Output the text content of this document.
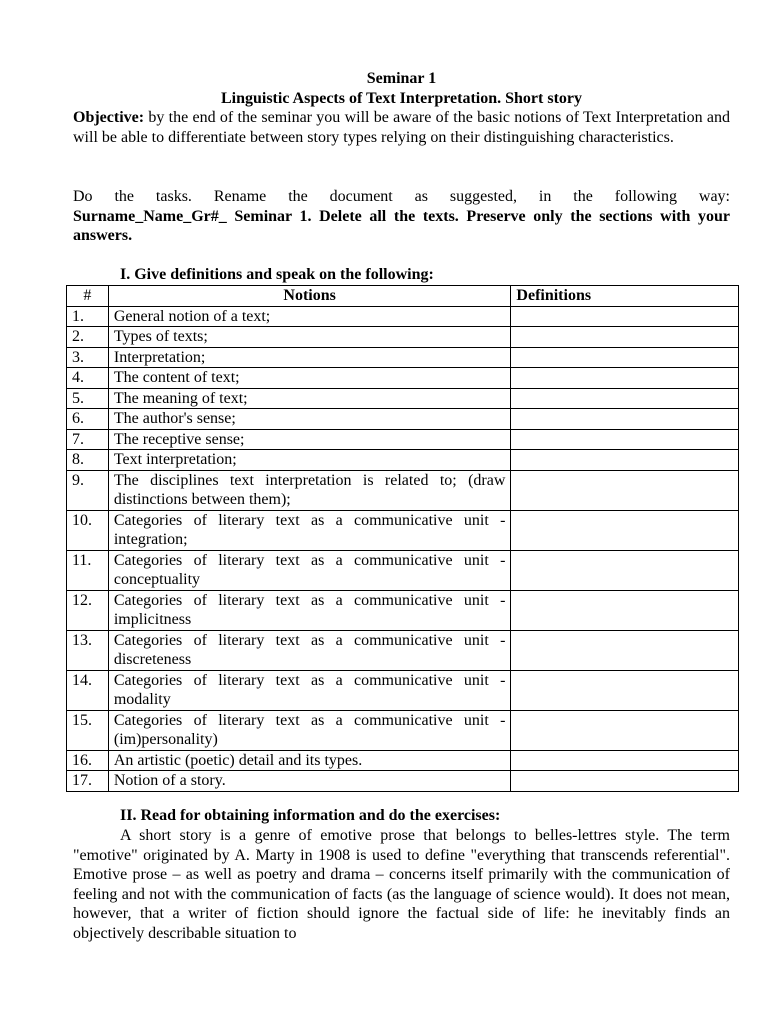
Seminar 1
Linguistic Aspects of Text Interpretation. Short story
Objective: by the end of the seminar you will be aware of the basic notions of Text Interpretation and will be able to differentiate between story types relying on their distinguishing characteristics.
Do the tasks. Rename the document as suggested, in the following way:
Surname_Name_Gr#_ Seminar 1. Delete all the texts. Preserve only the sections with your answers.
I. Give definitions and speak on the following:
#	Notions	Definitions
1.	General notion of a text;	
2.	Types of texts;	
3.	Interpretation;	
4.	The content of text;	
5.	The meaning of text;	
6.	The author's sense;	
7.	The receptive sense;	
8.	Text interpretation;	
9.	The disciplines text interpretation is related to; (draw distinctions between them);	
10.	Categories of literary text as a communicative unit - integration;	
11.	Categories of literary text as a communicative unit - conceptuality	
12.	Categories of literary text as a communicative unit - implicitness	
13.	Categories of literary text as a communicative unit - discreteness	
14.	Categories of literary text as a communicative unit - modality	
15.	Categories of literary text as a communicative unit - (im)personality)	
16.	An artistic (poetic) detail and its types.	
17.	Notion of a story.	
II. Read for obtaining information and do the exercises:
A short story is a genre of emotive prose that belongs to belles-lettres style. The term "emotive" originated by A. Marty in 1908 is used to define "everything that transcends referential". Emotive prose – as well as poetry and drama – concerns itself primarily with the communication of feeling and not with the communication of facts (as the language of science would). It does not mean, however, that a writer of fiction should ignore the factual side of life: he inevitably finds an objectively describable situation to
